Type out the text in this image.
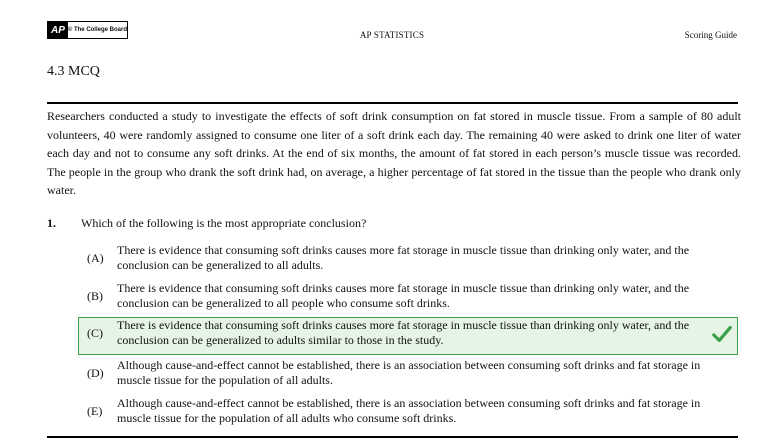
AP © The College Board	AP STATISTICS	Scoring Guide
4.3 MCQ
Researchers conducted a study to investigate the effects of soft drink consumption on fat stored in muscle tissue. From a sample of 80 adult volunteers, 40 were randomly assigned to consume one liter of a soft drink each day. The remaining 40 were asked to drink one liter of water each day and not to consume any soft drinks. At the end of six months, the amount of fat stored in each person’s muscle tissue was recorded. The people in the group who drank the soft drink had, on average, a higher percentage of fat stored in the tissue than the people who drank only water.
1. Which of the following is the most appropriate conclusion?
(A)
There is evidence that consuming soft drinks causes more fat storage in muscle tissue than drinking only water, and the conclusion can be generalized to all adults.
(B)
There is evidence that consuming soft drinks causes more fat storage in muscle tissue than drinking only water, and the conclusion can be generalized to all people who consume soft drinks.
(C)
There is evidence that consuming soft drinks causes more fat storage in muscle tissue than drinking only water, and the conclusion can be generalized to adults similar to those in the study.
(D)
Although cause-and-effect cannot be established, there is an association between consuming soft drinks and fat storage in muscle tissue for the population of all adults.
(E)
Although cause-and-effect cannot be established, there is an association between consuming soft drinks and fat storage in muscle tissue for the population of all adults who consume soft drinks.
